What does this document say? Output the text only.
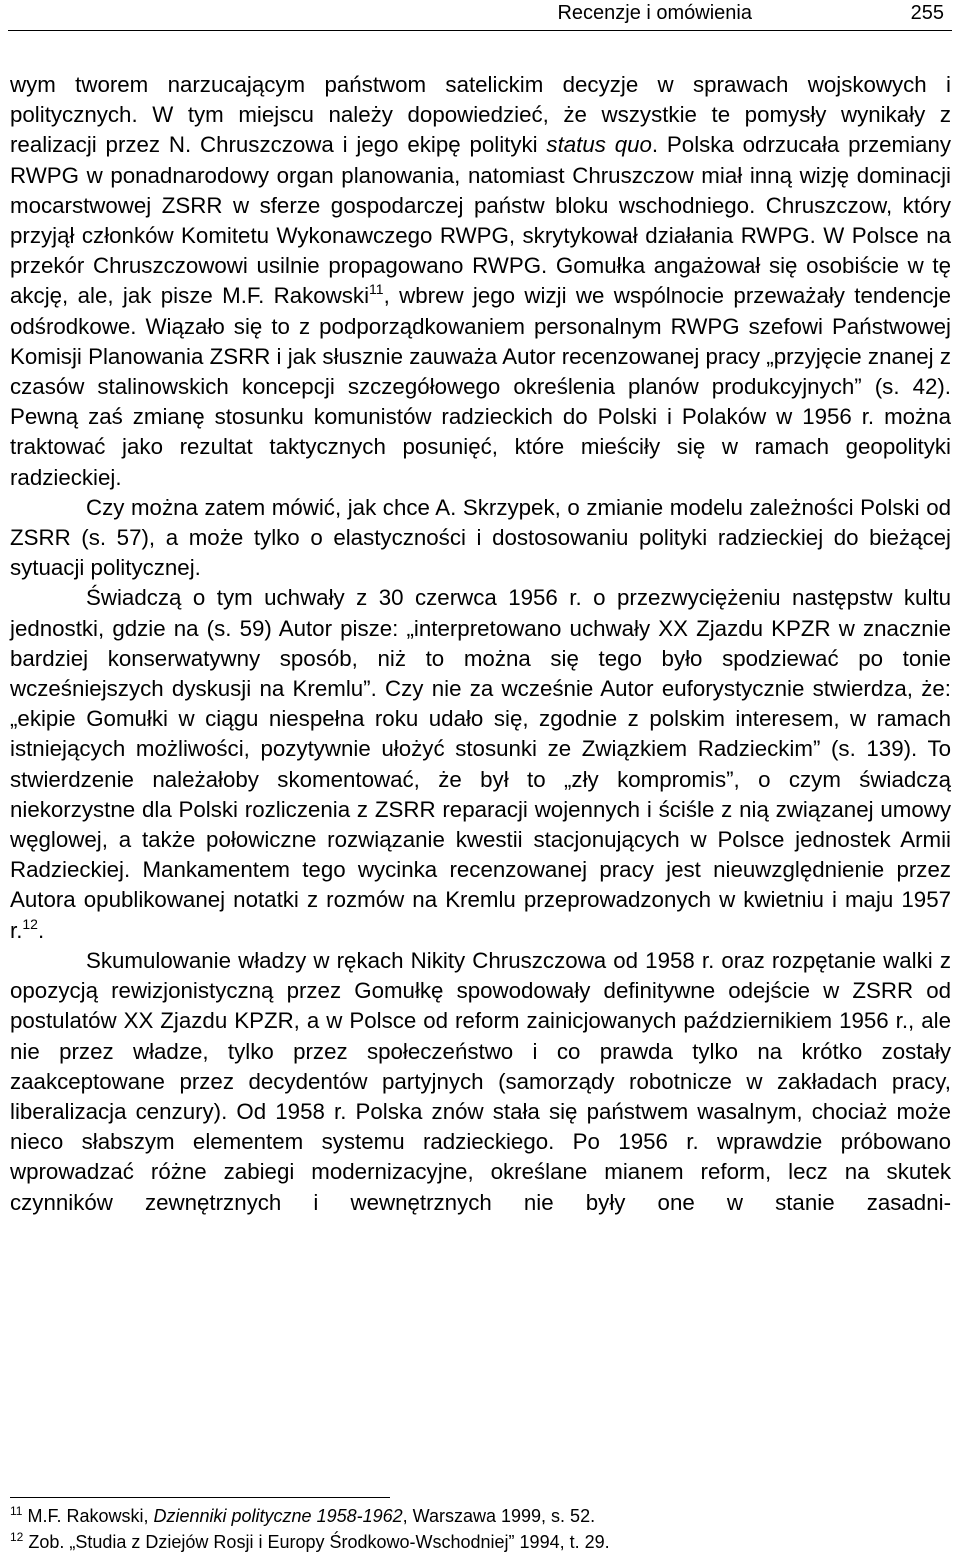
Recenzje i omówienia	255

wym tworem narzucającym państwom satelickim decyzje w sprawach wojskowych i politycznych. W tym miejscu należy dopowiedzieć, że wszystkie te pomysły wynikały z realizacji przez N. Chruszczowa i jego ekipę polityki status quo. Polska odrzucała przemiany RWPG w ponadnarodowy organ planowania, natomiast Chruszczow miał inną wizję dominacji mocarstwowej ZSRR w sferze gospodarczej państw bloku wschodniego. Chruszczow, który przyjął członków Komitetu Wykonawczego RWPG, skrytykował działania RWPG. W Polsce na przekór Chruszczowowi usilnie propagowano RWPG. Gomułka angażował się osobiście w tę akcję, ale, jak pisze M.F. Rakowski$^{11}$, wbrew jego wizji we wspólnocie przeważały tendencje odśrodkowe. Wiązało się to z podporządkowaniem personalnym RWPG szefowi Państwowej Komisji Planowania ZSRR i jak słusznie zauważa Autor recenzowanej pracy „przyjęcie znanej z czasów stalinowskich koncepcji szczegółowego określenia planów produkcyjnych” (s. 42). Pewną zaś zmianę stosunku komunistów radzieckich do Polski i Polaków w 1956 r. można traktować jako rezultat taktycznych posunięć, które mieściły się w ramach geopolityki radzieckiej.

Czy można zatem mówić, jak chce A. Skrzypek, o zmianie modelu zależności Polski od ZSRR (s. 57), a może tylko o elastyczności i dostosowaniu polityki radzieckiej do bieżącej sytuacji politycznej.

Świadczą o tym uchwały z 30 czerwca 1956 r. o przezwyciężeniu następstw kultu jednostki, gdzie na (s. 59) Autor pisze: „interpretowano uchwały XX Zjazdu KPZR w znacznie bardziej konserwatywny sposób, niż to można się tego było spodziewać po tonie wcześniejszych dyskusji na Kremlu”. Czy nie za wcześnie Autor euforystycznie stwierdza, że: „ekipie Gomułki w ciągu niespełna roku udało się, zgodnie z polskim interesem, w ramach istniejących możliwości, pozytywnie ułożyć stosunki ze Związkiem Radzieckim” (s. 139). To stwierdzenie należałoby skomentować, że był to „zły kompromis”, o czym świadczą niekorzystne dla Polski rozliczenia z ZSRR reparacji wojennych i ściśle z nią związanej umowy węglowej, a także połowiczne rozwiązanie kwestii stacjonujących w Polsce jednostek Armii Radzieckiej. Mankamentem tego wycinka recenzowanej pracy jest nieuwzględnienie przez Autora opublikowanej notatki z rozmów na Kremlu przeprowadzonych w kwietniu i maju 1957 r.$^{12}$.

Skumulowanie władzy w rękach Nikity Chruszczowa od 1958 r. oraz rozpętanie walki z opozycją rewizjonistyczną przez Gomułkę spowodowały definitywne odejście w ZSRR od postulatów XX Zjazdu KPZR, a w Polsce od reform zainicjowanych październikiem 1956 r., ale nie przez władze, tylko przez społeczeństwo i co prawda tylko na krótko zostały zaakceptowane przez decydentów partyjnych (samorządy robotnicze w zakładach pracy, liberalizacja cenzury). Od 1958 r. Polska znów stała się państwem wasalnym, chociaż może nieco słabszym elementem systemu radzieckiego. Po 1956 r. wprawdzie próbowano wprowadzać różne zabiegi modernizacyjne, określane mianem reform, lecz na skutek czynników zewnętrznych i wewnętrznych nie były one w stanie zasadni-

$^{11}$ M.F. Rakowski, Dzienniki polityczne 1958-1962, Warszawa 1999, s. 52.

$^{12}$ Zob. „Studia z Dziejów Rosji i Europy Środkowo-Wschodniej” 1994, t. 29.
